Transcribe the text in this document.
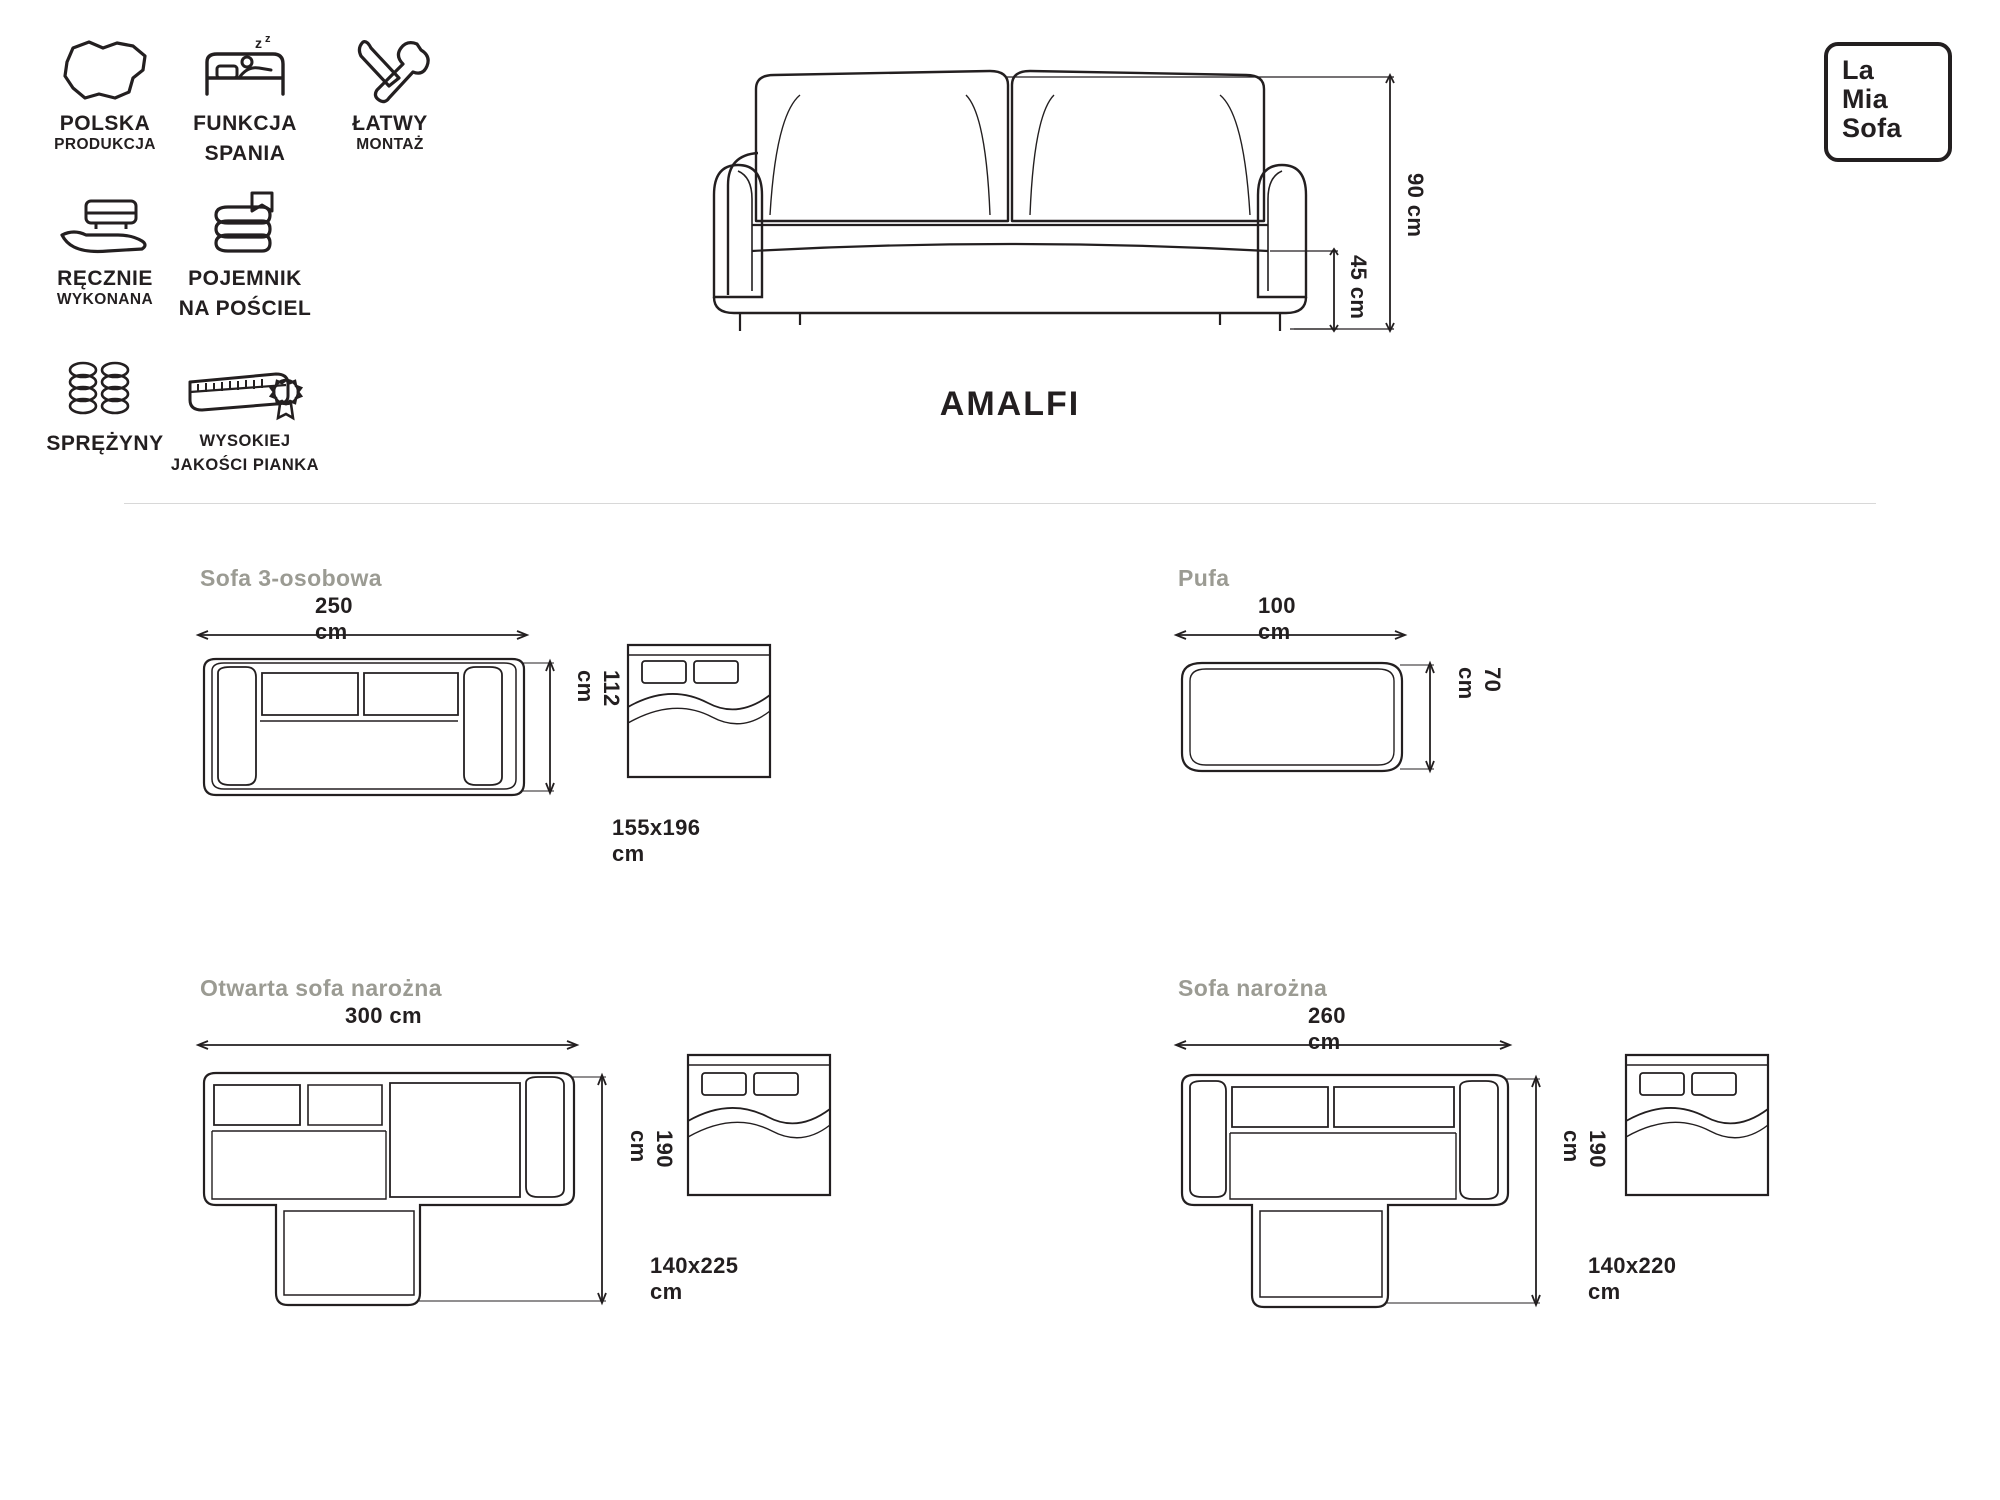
POLSKA
PRODUKCJA
z z
FUNKCJA
SPANIA
ŁATWY
MONTAŻ
RĘCZNIE
WYKONANA
POJEMNIK
NA POŚCIEL
SPRĘŻYNY	WYSOKIEJ
JAKOŚCI PIANKA
45 cm
90 cm
AMALFI
La
Mia
Sofa
Sofa 3-osobowa
250 cm
112 cm
155x196 cm
Pufa
100 cm
70 cm
Otwarta sofa narożna
300 cm
190 cm
140x225 cm
Sofa narożna
260 cm
190 cm
140x220 cm
